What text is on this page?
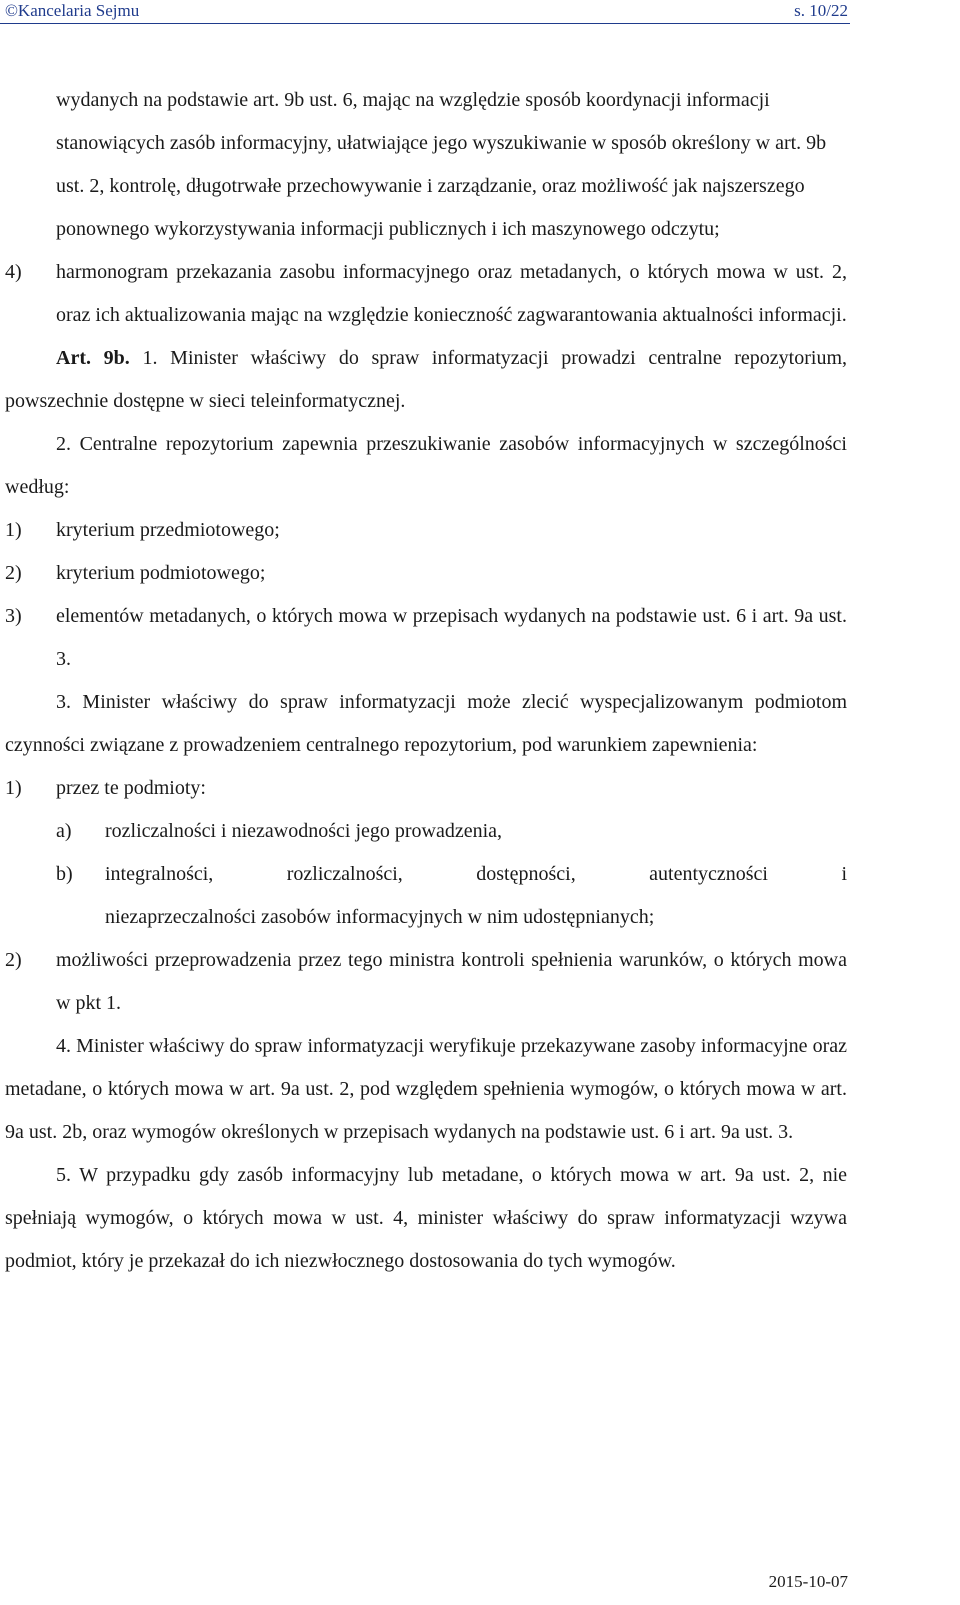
©Kancelaria Sejmu	s. 10/22

wydanych na podstawie art. 9b ust. 6, mając na względzie sposób koordynacji informacji stanowiących zasób informacyjny, ułatwiające jego wyszukiwanie w sposób określony w art. 9b ust. 2, kontrolę, długotrwałe przechowywanie i zarządzanie, oraz możliwość jak najszerszego ponownego wykorzystywania informacji publicznych i ich maszynowego odczytu;

4)	harmonogram przekazania zasobu informacyjnego oraz metadanych, o których mowa w ust. 2, oraz ich aktualizowania mając na względzie konieczność zagwarantowania aktualności informacji.

Art. 9b. 1. Minister właściwy do spraw informatyzacji prowadzi centralne repozytorium, powszechnie dostępne w sieci teleinformatycznej.

2. Centralne repozytorium zapewnia przeszukiwanie zasobów informacyjnych w szczególności według:

1)	kryterium przedmiotowego;
2)	kryterium podmiotowego;
3)	elementów metadanych, o których mowa w przepisach wydanych na podstawie ust. 6 i art. 9a ust. 3.

3. Minister właściwy do spraw informatyzacji może zlecić wyspecjalizowanym podmiotom czynności związane z prowadzeniem centralnego repozytorium, pod warunkiem zapewnienia:

1)	przez te podmioty:
a)	rozliczalności i niezawodności jego prowadzenia,
b)	integralności, rozliczalności, dostępności, autentyczności i
niezaprzeczalności zasobów informacyjnych w nim udostępnianych;
2)	możliwości przeprowadzenia przez tego ministra kontroli spełnienia warunków, o których mowa w pkt 1.

4. Minister właściwy do spraw informatyzacji weryfikuje przekazywane zasoby informacyjne oraz metadane, o których mowa w art. 9a ust. 2, pod względem spełnienia wymogów, o których mowa w art. 9a ust. 2b, oraz wymogów określonych w przepisach wydanych na podstawie ust. 6 i art. 9a ust. 3.

5. W przypadku gdy zasób informacyjny lub metadane, o których mowa w art. 9a ust. 2, nie spełniają wymogów, o których mowa w ust. 4, minister właściwy do spraw informatyzacji wzywa podmiot, który je przekazał do ich niezwłocznego dostosowania do tych wymogów.

2015-10-07
